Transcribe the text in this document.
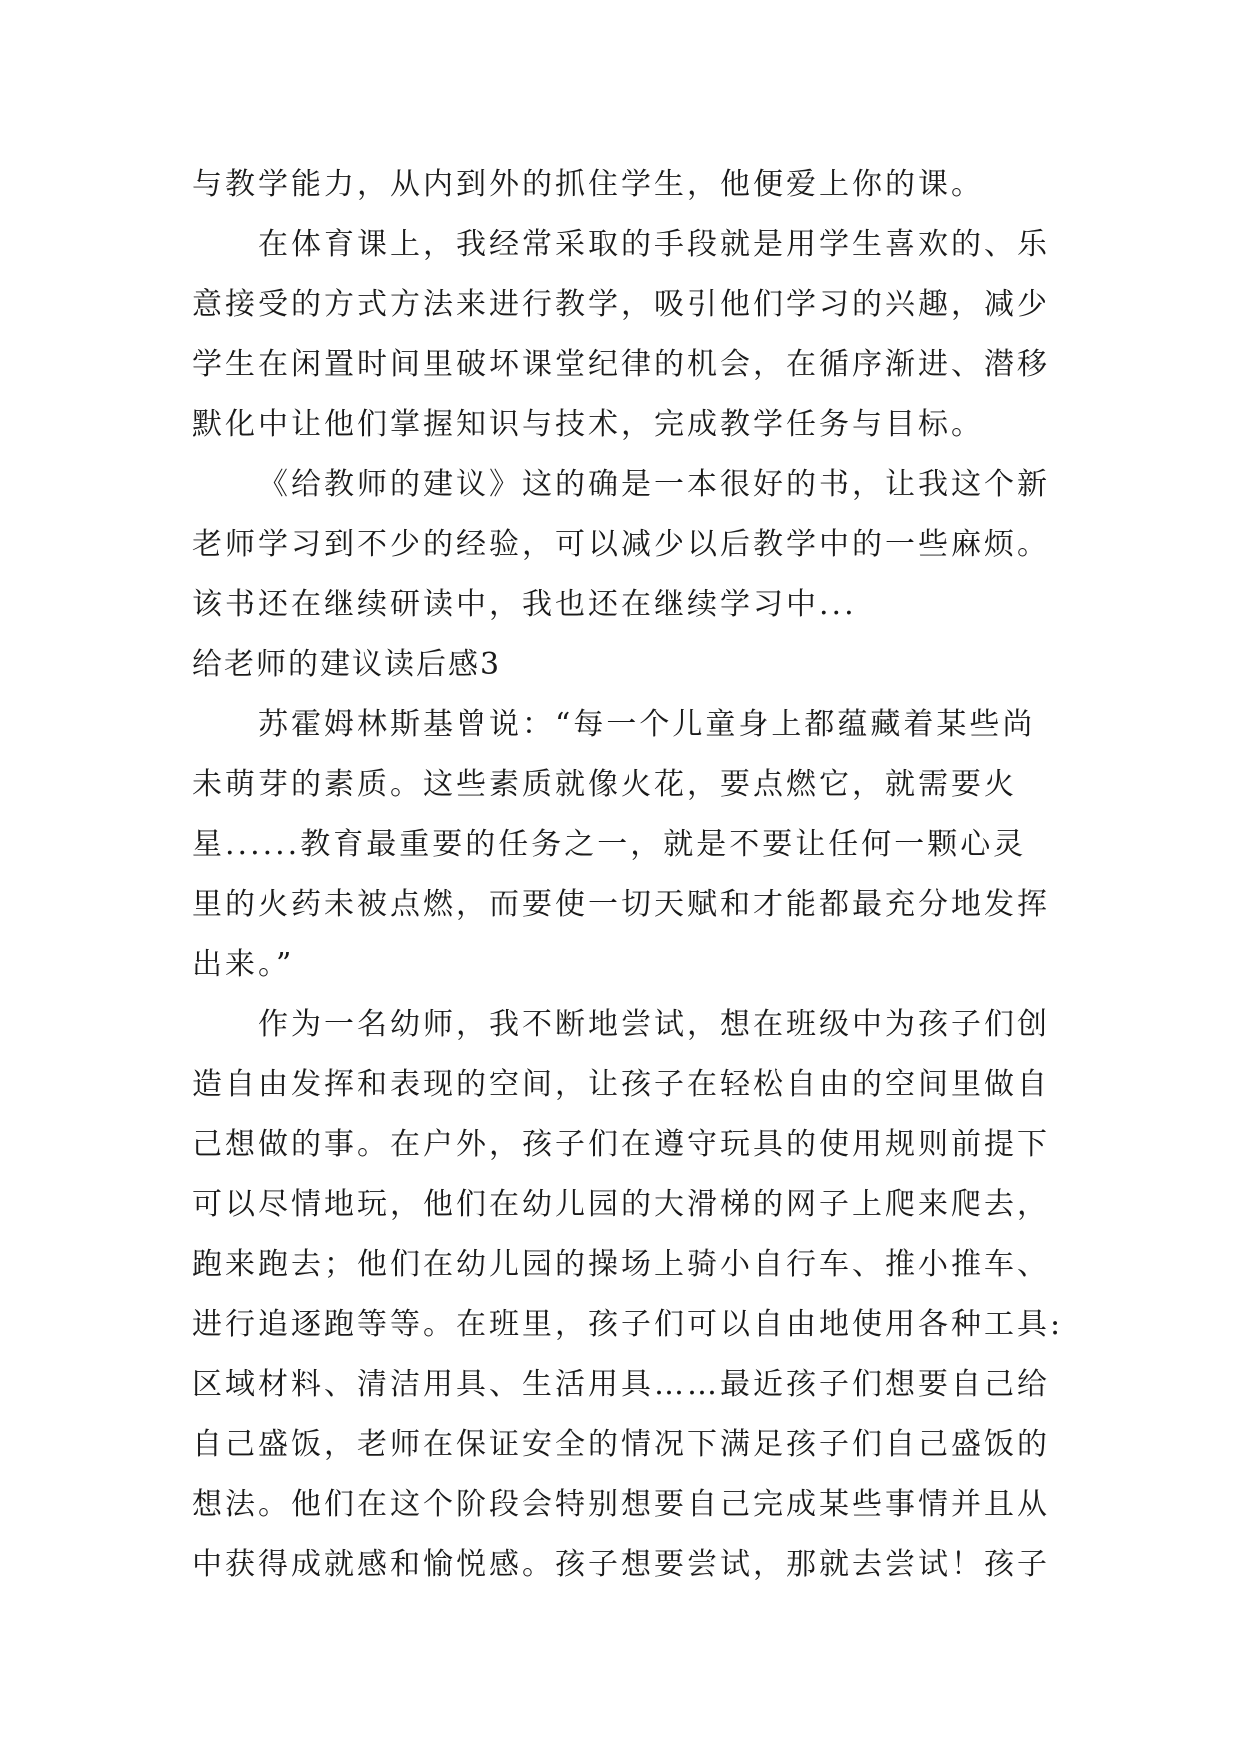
与教学能力，从内到外的抓住学生，他便爱上你的课。
在体育课上，我经常采取的手段就是用学生喜欢的、乐
意接受的方式方法来进行教学，吸引他们学习的兴趣，减少
学生在闲置时间里破坏课堂纪律的机会，在循序渐进、潜移
默化中让他们掌握知识与技术，完成教学任务与目标。
《给教师的建议》这的确是一本很好的书，让我这个新
老师学习到不少的经验，可以减少以后教学中的一些麻烦。
该书还在继续研读中，我也还在继续学习中...
给老师的建议读后感3
苏霍姆林斯基曾说：“每一个儿童身上都蕴藏着某些尚
未萌芽的素质。这些素质就像火花，要点燃它，就需要火
星......教育最重要的任务之一，就是不要让任何一颗心灵
里的火药未被点燃，而要使一切天赋和才能都最充分地发挥
出来。”
作为一名幼师，我不断地尝试，想在班级中为孩子们创
造自由发挥和表现的空间，让孩子在轻松自由的空间里做自
己想做的事。在户外，孩子们在遵守玩具的使用规则前提下
可以尽情地玩，他们在幼儿园的大滑梯的网子上爬来爬去，
跑来跑去；他们在幼儿园的操场上骑小自行车、推小推车、
进行追逐跑等等。在班里，孩子们可以自由地使用各种工具:
区域材料、清洁用具、生活用具……最近孩子们想要自己给
自己盛饭，老师在保证安全的情况下满足孩子们自己盛饭的
想法。他们在这个阶段会特别想要自己完成某些事情并且从
中获得成就感和愉悦感。孩子想要尝试，那就去尝试！孩子
